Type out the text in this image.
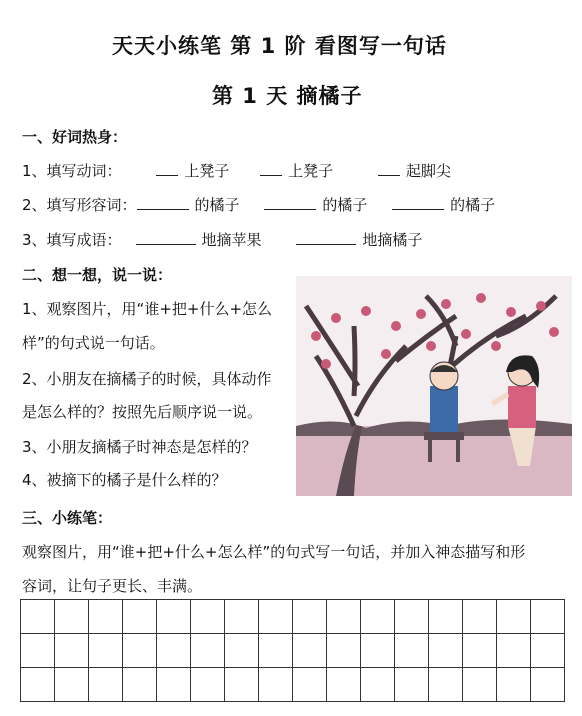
天天小练笔 第 1 阶 看图写一句话
第 1 天 摘橘子
一、好词热身：
1、填写动词：	上凳子	上凳子	起脚尖
2、填写形容词：	的橘子	的橘子	的橘子
3、填写成语：	地摘苹果	地摘橘子
二、想一想，说一说：
1、观察图片，用“谁+把+什么+怎么
样”的句式说一句话。
2、小朋友在摘橘子的时候，具体动作
是怎么样的？按照先后顺序说一说。
3、小朋友摘橘子时神态是怎样的？
4、被摘下的橘子是什么样的？
三、小练笔：
观察图片，用“谁+把+什么+怎么样”的句式写一句话，并加入神态描写和形
容词，让句子更长、丰满。
